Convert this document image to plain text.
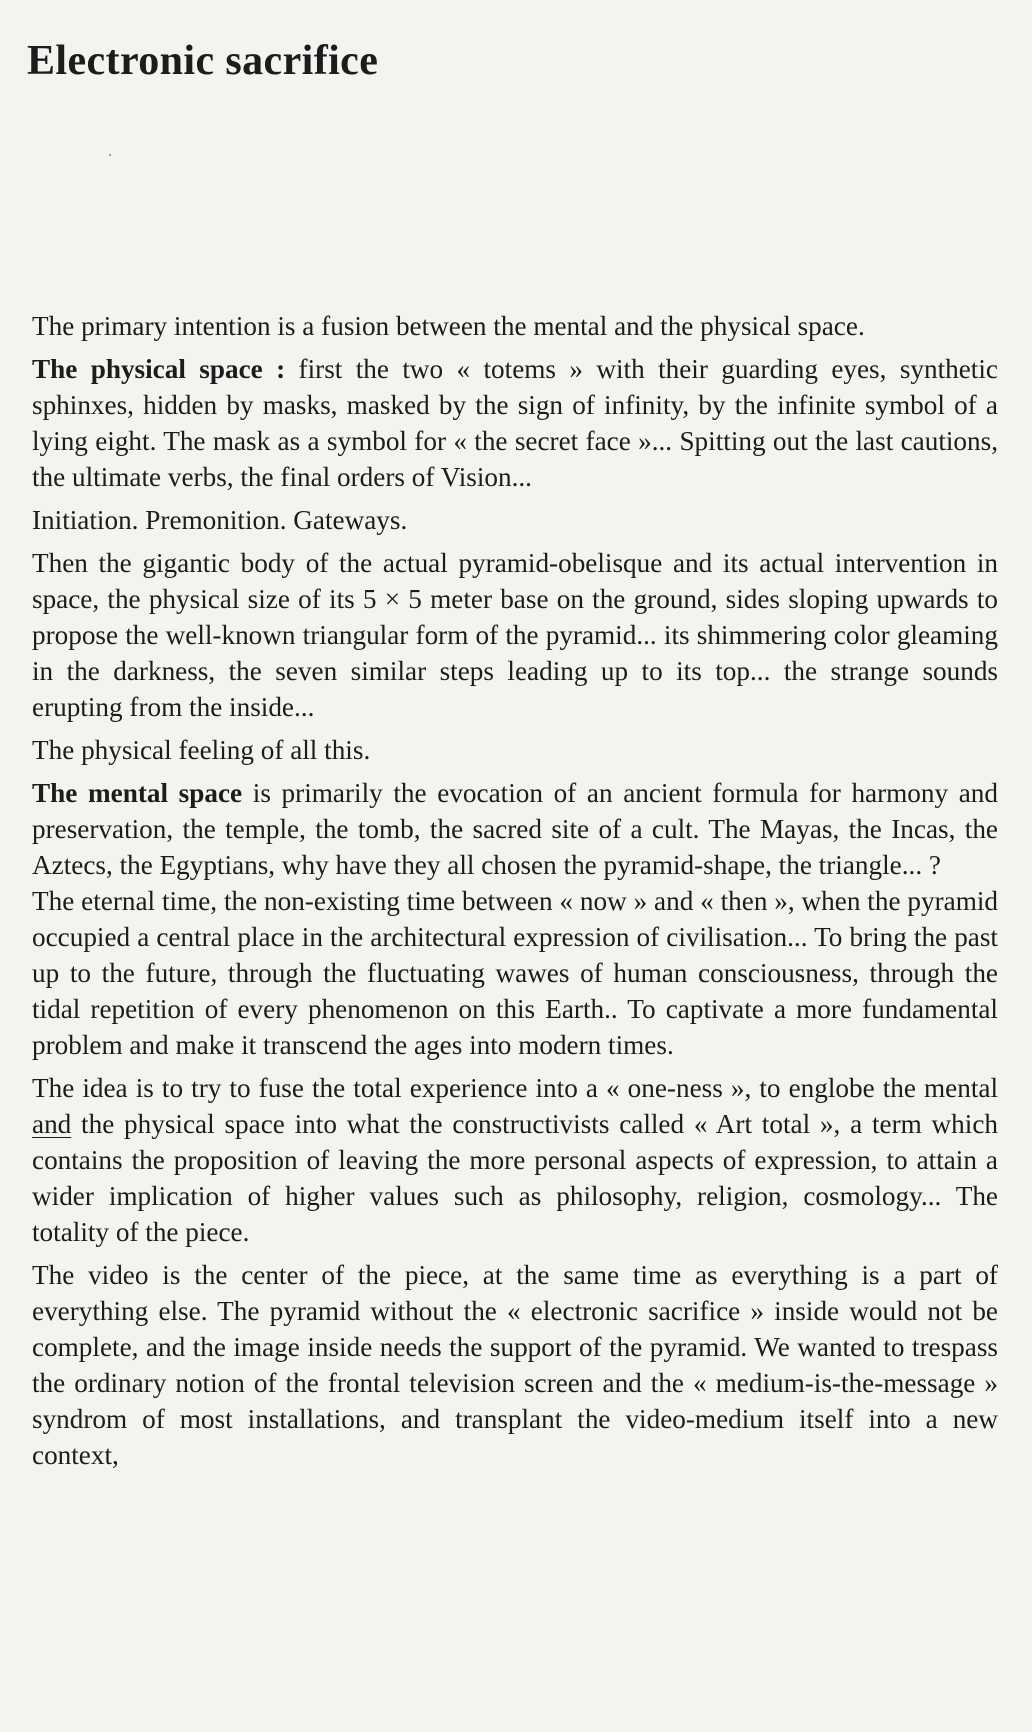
Electronic sacrifice

The primary intention is a fusion between the mental and the physical space.

The physical space : first the two « totems » with their guarding eyes, synthetic sphinxes, hidden by masks, masked by the sign of infinity, by the infinite symbol of a lying eight. The mask as a symbol for « the secret face »... Spitting out the last cautions, the ultimate verbs, the final orders of Vision...

Initiation. Premonition. Gateways.

Then the gigantic body of the actual pyramid-obelisque and its actual intervention in space, the physical size of its 5 × 5 meter base on the ground, sides sloping upwards to propose the well-known triangular form of the pyramid... its shimmering color gleaming in the darkness, the seven similar steps leading up to its top... the strange sounds erupting from the inside...

The physical feeling of all this.

The mental space is primarily the evocation of an ancient formula for harmony and preservation, the temple, the tomb, the sacred site of a cult. The Mayas, the Incas, the Aztecs, the Egyptians, why have they all chosen the pyramid-shape, the triangle... ?

The eternal time, the non-existing time between « now » and « then », when the pyramid occupied a central place in the architectural expression of civilisation... To bring the past up to the future, through the fluctuating wawes of human consciousness, through the tidal repetition of every phenomenon on this Earth.. To captivate a more fundamental problem and make it transcend the ages into modern times.

The idea is to try to fuse the total experience into a « one-ness », to englobe the mental and the physical space into what the constructivists called « Art total », a term which contains the proposition of leaving the more personal aspects of expression, to attain a wider implication of higher values such as philosophy, religion, cosmology... The totality of the piece.

The video is the center of the piece, at the same time as everything is a part of everything else. The pyramid without the « electronic sacrifice » inside would not be complete, and the image inside needs the support of the pyramid. We wanted to trespass the ordinary notion of the frontal television screen and the « medium-is-the-message » syndrom of most installations, and transplant the video-medium itself into a new context,
